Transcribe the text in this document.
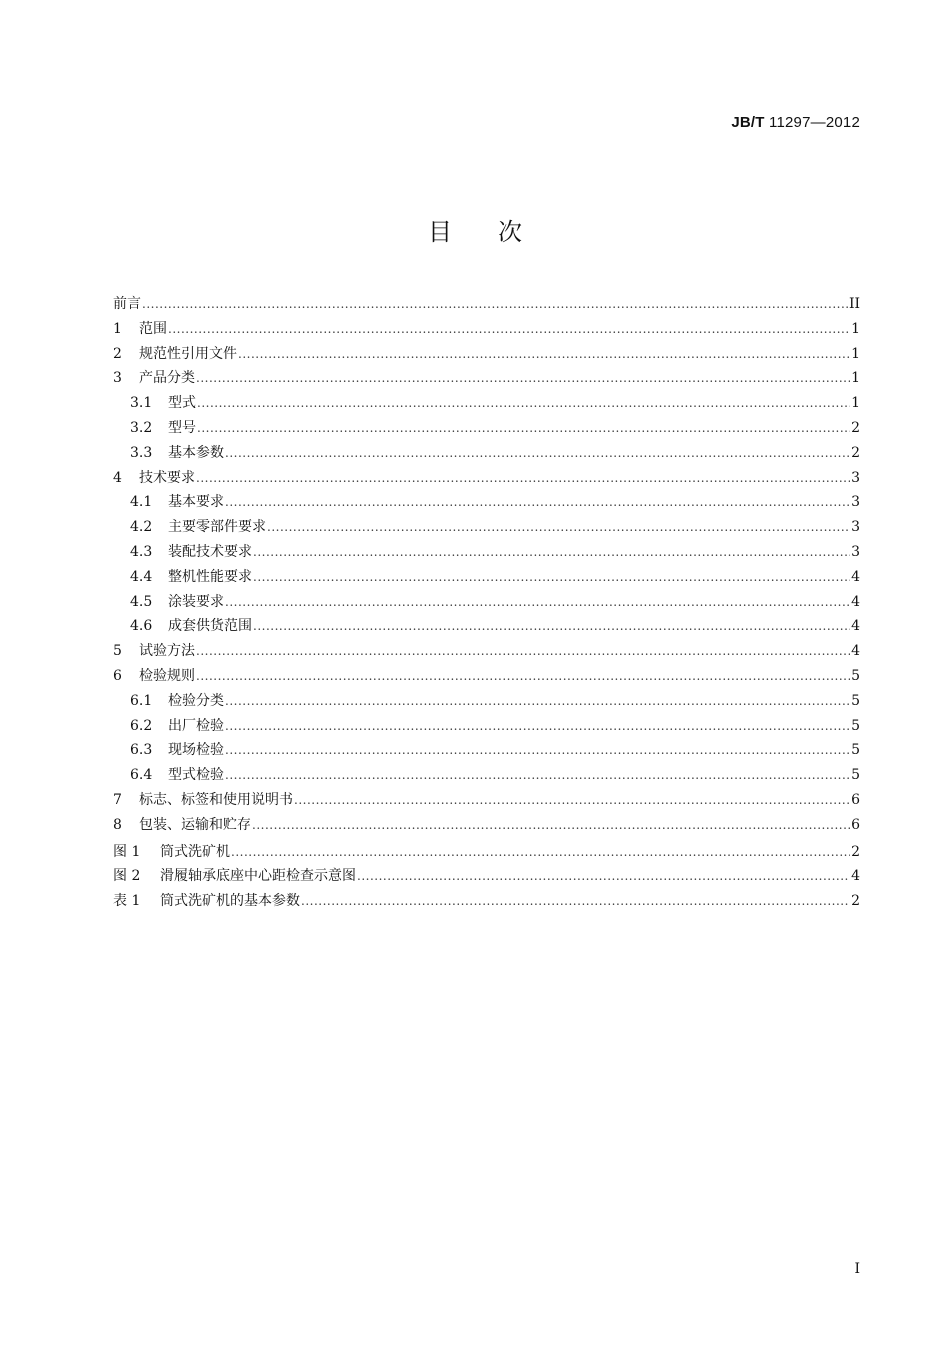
JB/T 11297—2012
目次
前言 .....	II
1	范围 .....	1
2	规范性引用文件 .....	1
3	产品分类 .....	1
3.1	型式 .....	1
3.2	型号 .....	2
3.3	基本参数 .....	2
4	技术要求 .....	3
4.1	基本要求 .....	3
4.2	主要零部件要求 .....	3
4.3	装配技术要求 .....	3
4.4	整机性能要求 .....	4
4.5	涂装要求 .....	4
4.6	成套供货范围 .....	4
5	试验方法 .....	4
6	检验规则 .....	5
6.1	检验分类 .....	5
6.2	出厂检验 .....	5
6.3	现场检验 .....	5
6.4	型式检验 .....	5
7	标志、标签和使用说明书 .....	6
8	包装、运输和贮存 .....	6
图 1	筒式洗矿机 .....	2
图 2	滑履轴承底座中心距检查示意图 .....	4
表 1	筒式洗矿机的基本参数 .....	2
I
